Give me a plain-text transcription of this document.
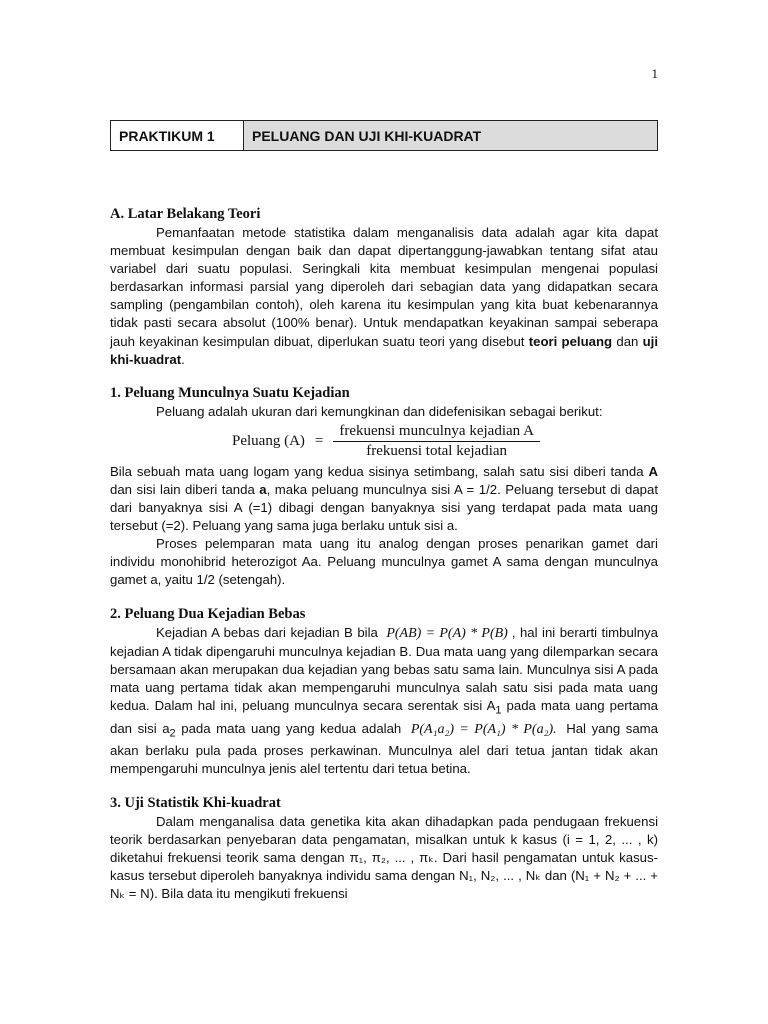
1
PRAKTIKUM 1	PELUANG DAN UJI KHI-KUADRAT
A. Latar Belakang Teori

Pemanfaatan metode statistika dalam menganalisis data adalah agar kita dapat membuat kesimpulan dengan baik dan dapat dipertanggung-jawabkan tentang sifat atau variabel dari suatu populasi. Seringkali kita membuat kesimpulan mengenai populasi berdasarkan informasi parsial yang diperoleh dari sebagian data yang didapatkan secara sampling (pengambilan contoh), oleh karena itu kesimpulan yang kita buat kebenarannya tidak pasti secara absolut (100% benar). Untuk mendapatkan keyakinan sampai seberapa jauh keyakinan kesimpulan dibuat, diperlukan suatu teori yang disebut teori peluang dan uji khi-kuadrat.

1. Peluang Munculnya Suatu Kejadian

Peluang adalah ukuran dari kemungkinan dan didefenisikan sebagai berikut:

Peluang $(A) = \frac{\text{frekuensi munculnya kejadian A}}{\text{frekuensi total kejadian}}$

Bila sebuah mata uang logam yang kedua sisinya setimbang, salah satu sisi diberi tanda A dan sisi lain diberi tanda a, maka peluang munculnya sisi A = 1/2. Peluang tersebut di dapat dari banyaknya sisi A (=1) dibagi dengan banyaknya sisi yang terdapat pada mata uang tersebut (=2). Peluang yang sama juga berlaku untuk sisi a.

Proses pelemparan mata uang itu analog dengan proses penarikan gamet dari individu monohibrid heterozigot Aa. Peluang munculnya gamet A sama dengan munculnya gamet a, yaitu 1/2 (setengah).

2. Peluang Dua Kejadian Bebas

Kejadian A bebas dari kejadian B bila P(AB) = P(A) * P(B) , hal ini berarti timbulnya kejadian A tidak dipengaruhi munculnya kejadian B. Dua mata uang yang dilemparkan secara bersamaan akan merupakan dua kejadian yang bebas satu sama lain. Munculnya sisi A pada mata uang pertama tidak akan mempengaruhi munculnya salah satu sisi pada mata uang kedua. Dalam hal ini, peluang munculnya secara serentak sisi $A_1$ pada mata uang pertama dan sisi $a_2$ pada mata uang yang kedua adalah P(A₁a₂) = P(A₁) * P(a₂). Hal yang sama akan berlaku pula pada proses perkawinan. Munculnya alel dari tetua jantan tidak akan mempengaruhi munculnya jenis alel tertentu dari tetua betina.

3. Uji Statistik Khi-kuadrat

Dalam menganalisa data genetika kita akan dihadapkan pada pendugaan frekuensi teorik berdasarkan penyebaran data pengamatan, misalkan untuk k kasus (i = 1, 2, ... , k) diketahui frekuensi teorik sama dengan π₁, π₂, ... , πₖ. Dari hasil pengamatan untuk kasus-kasus tersebut diperoleh banyaknya individu sama dengan N₁, N₂, ... , Nₖ dan (N₁ + N₂ + ... + Nₖ = N). Bila data itu mengikuti frekuensi
